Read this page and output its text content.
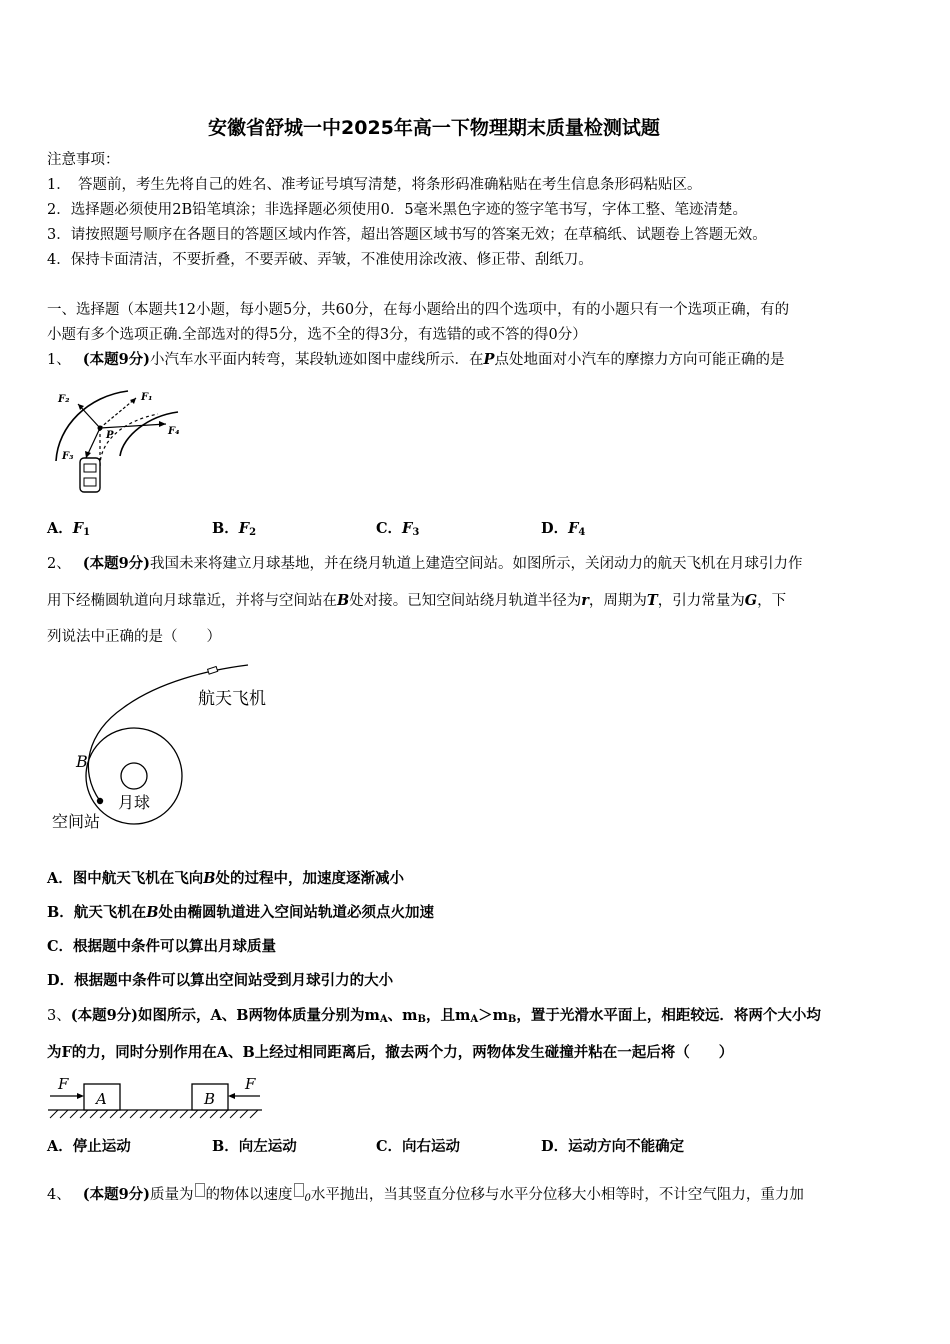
安徽省舒城一中2025年高一下物理期末质量检测试题
注意事项：
1．　答题前，考生先将自己的姓名、准考证号填写清楚，将条形码准确粘贴在考生信息条形码粘贴区。
2．选择题必须使用2B铅笔填涂；非选择题必须使用0．5毫米黑色字迹的签字笔书写，字体工整、笔迹清楚。
3．请按照题号顺序在各题目的答题区域内作答，超出答题区域书写的答案无效；在草稿纸、试题卷上答题无效。
4．保持卡面清洁，不要折叠，不要弄破、弄皱，不准使用涂改液、修正带、刮纸刀。
一、选择题（本题共12小题，每小题5分，共60分，在每小题给出的四个选项中，有的小题只有一个选项正确，有的
小题有多个选项正确.全部选对的得5分，选不全的得3分，有选错的或不答的得0分）
1、 (本题9分)小汽车水平面内转弯，某段轨迹如图中虚线所示．在P点处地面对小汽车的摩擦力方向可能正确的是
F₂	F₁
F₄
F₃
P
A．$F_1$	B．$F_2$	C．$F_3$	D．$F_4$
2、 (本题9分)我国未来将建立月球基地，并在绕月轨道上建造空间站。如图所示，关闭动力的航天飞机在月球引力作
用下经椭圆轨道向月球靠近，并将与空间站在B处对接。已知空间站绕月轨道半径为r，周期为T，引力常量为G，下
列说法中正确的是（　　）
航天飞机
B
月球
空间站
A．图中航天飞机在飞向B处的过程中，加速度逐渐减小
B．航天飞机在B处由椭圆轨道进入空间站轨道必须点火加速
C．根据题中条件可以算出月球质量
D．根据题中条件可以算出空间站受到月球引力的大小
3、(本题9分)如图所示，A、B两物体质量分别为$m_A$、$m_B$，且$m_A>m_B$，置于光滑水平面上，相距较远．将两个大小均
为F的力，同时分别作用在A、B上经过相同距离后，撤去两个力，两物体发生碰撞并粘在一起后将（　　）
F	F
A	B
A．停止运动	B．向左运动	C．向右运动	D．运动方向不能确定
4、 (本题9分)质量为 的物体以速度 $_0$水平抛出，当其竖直分位移与水平分位移大小相等时，不计空气阻力，重力加
